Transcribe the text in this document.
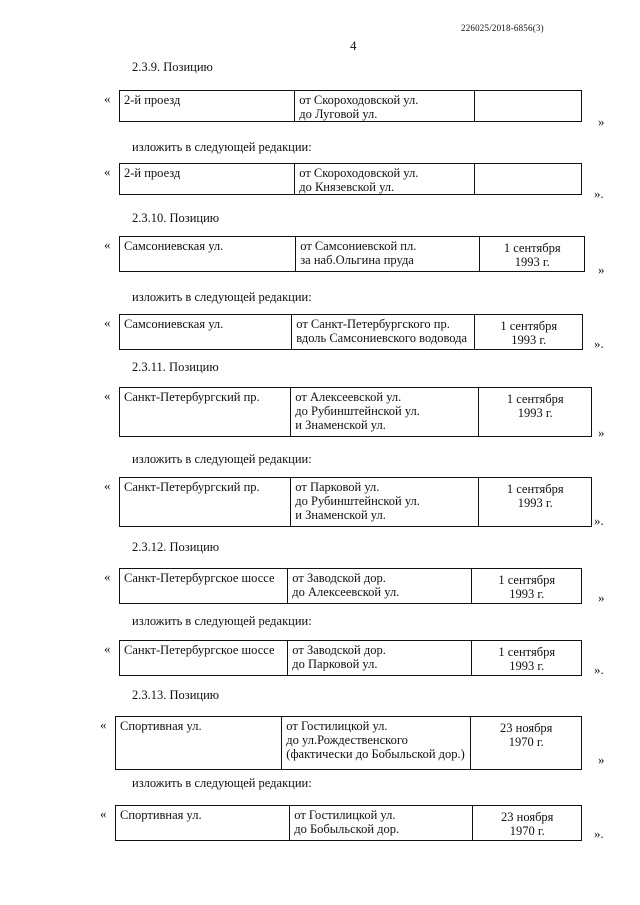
226025/2018-6856(3)
4
2.3.9. Позицию
« 2-й проезд	от Скороходовской ул.
до Луговой ул.	»
изложить в следующей редакции:
« 2-й проезд	от Скороходовской ул.
до Князевской ул.	».
2.3.10. Позицию
« Самсониевская ул.	от Самсониевской пл.
за наб.Ольгина пруда
1 сентября
1993 г.	»
изложить в следующей редакции:
« Самсониевская ул.	от Санкт-Петербургского пр.
вдоль Самсониевского водовода
1 сентября
1993 г.	».
2.3.11. Позицию
« Санкт-Петербургский пр.	от Алексеевской ул.
до Рубинштейнской ул.
и Знаменской ул.
1 сентября
1993 г.
»
изложить в следующей редакции:
« Санкт-Петербургский пр.	от Парковой ул.
до Рубинштейнской ул.
и Знаменской ул.
1 сентября
1993 г.
».
2.3.12. Позицию
« Санкт-Петербургское шоссе	от Заводской дор.
до Алексеевской ул.
1 сентября
1993 г.	»
изложить в следующей редакции:
« Санкт-Петербургское шоссе	от Заводской дор.
до Парковой ул.
1 сентября
1993 г.	».
2.3.13. Позицию
« Спортивная ул.	от Гостилицкой ул.
до ул.Рождественского
(фактически до Бобыльской дор.)
23 ноября
1970 г.
»
изложить в следующей редакции:
« Спортивная ул.	от Гостилицкой ул.
до Бобыльской дор.
23 ноября
1970 г.	».
